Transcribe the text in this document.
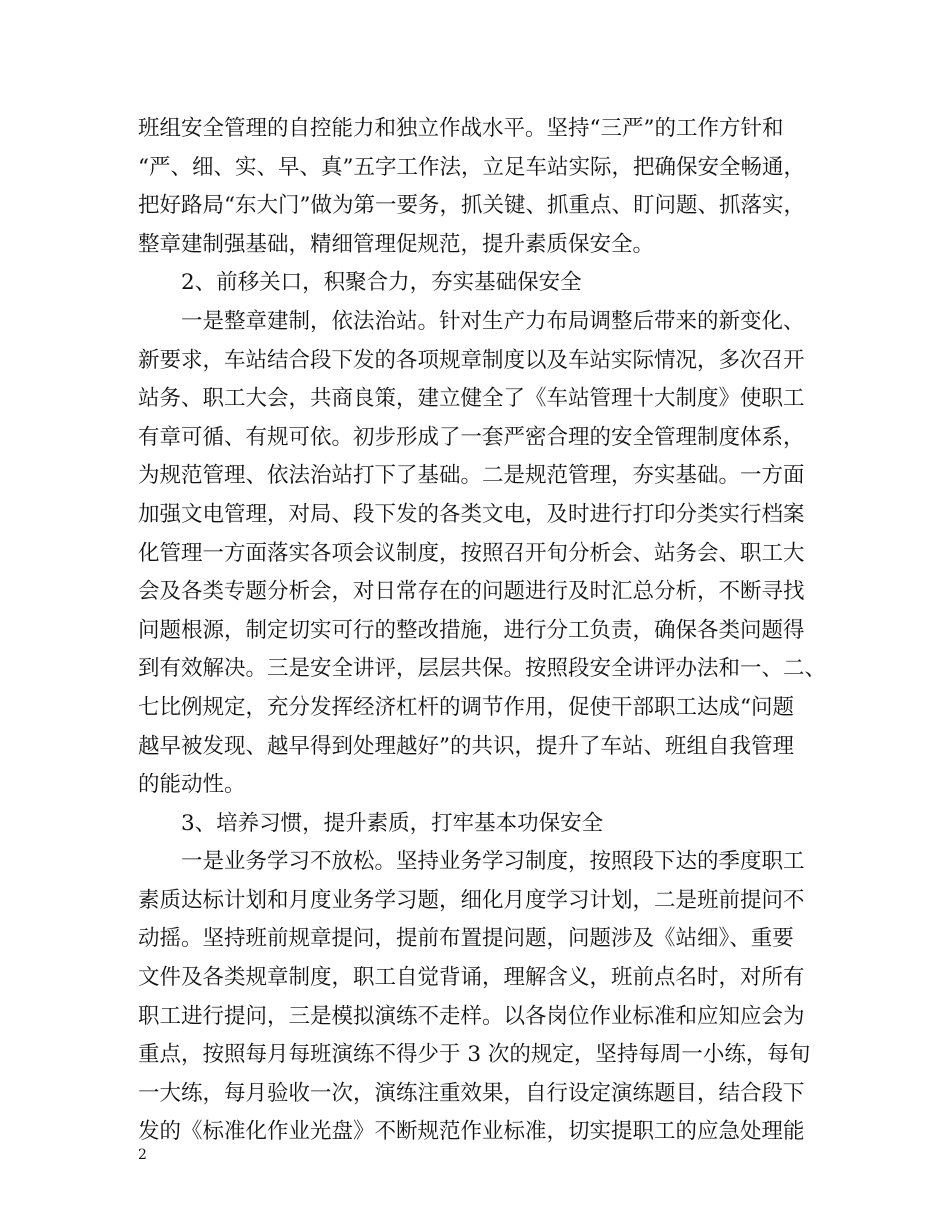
班组安全管理的自控能力和独立作战水平。坚持“三严”的工作方针和
“严、细、实、早、真”五字工作法，立足车站实际，把确保安全畅通，
把好路局“东大门”做为第一要务，抓关键、抓重点、盯问题、抓落实，
整章建制强基础，精细管理促规范，提升素质保安全。
2、前移关口，积聚合力，夯实基础保安全
一是整章建制，依法治站。针对生产力布局调整后带来的新变化、
新要求，车站结合段下发的各项规章制度以及车站实际情况，多次召开
站务、职工大会，共商良策，建立健全了《车站管理十大制度》使职工
有章可循、有规可依。初步形成了一套严密合理的安全管理制度体系，
为规范管理、依法治站打下了基础。二是规范管理，夯实基础。一方面
加强文电管理，对局、段下发的各类文电，及时进行打印分类实行档案
化管理一方面落实各项会议制度，按照召开旬分析会、站务会、职工大
会及各类专题分析会，对日常存在的问题进行及时汇总分析，不断寻找
问题根源，制定切实可行的整改措施，进行分工负责，确保各类问题得
到有效解决。三是安全讲评，层层共保。按照段安全讲评办法和一、二、
七比例规定，充分发挥经济杠杆的调节作用，促使干部职工达成“问题
越早被发现、越早得到处理越好”的共识，提升了车站、班组自我管理
的能动性。
3、培养习惯，提升素质，打牢基本功保安全
一是业务学习不放松。坚持业务学习制度，按照段下达的季度职工
素质达标计划和月度业务学习题，细化月度学习计划，二是班前提问不
动摇。坚持班前规章提问，提前布置提问题，问题涉及《站细》、重要
文件及各类规章制度，职工自觉背诵，理解含义，班前点名时，对所有
职工进行提问，三是模拟演练不走样。以各岗位作业标准和应知应会为
重点，按照每月每班演练不得少于 3 次的规定，坚持每周一小练，每旬
一大练，每月验收一次，演练注重效果，自行设定演练题目，结合段下
发的《标准化作业光盘》不断规范作业标准，切实提职工的应急处理能
2
